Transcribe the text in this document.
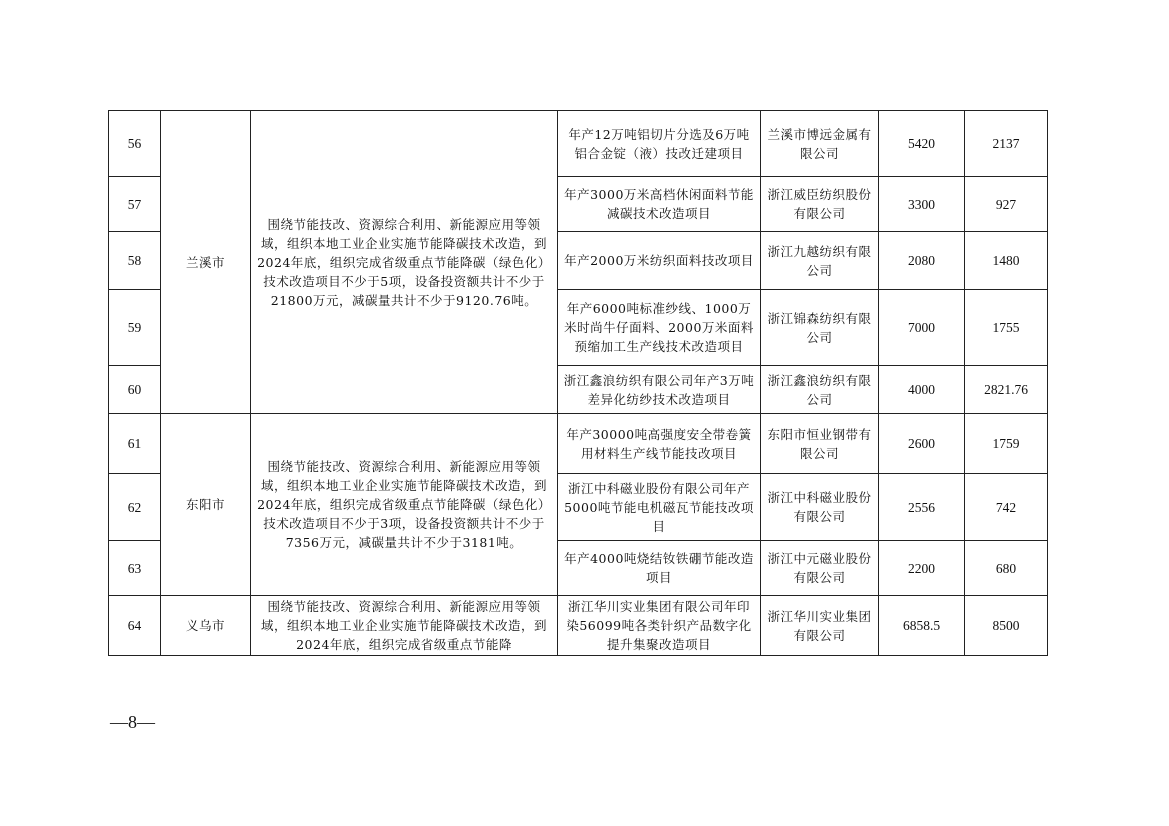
56	兰溪市	围绕节能技改、资源综合利用、新能源应用等领域，组织本地工业企业实施节能降碳技术改造，到2024年底，组织完成省级重点节能降碳（绿色化）技术改造项目不少于5项，设备投资额共计不少于21800万元，减碳量共计不少于9120.76吨。	年产12万吨铝切片分选及6万吨铝合金锭（液）技改迁建项目	兰溪市博远金属有限公司	5420	2137
57			年产3000万米高档休闲面料节能减碳技术改造项目	浙江威臣纺织股份有限公司	3300	927
58			年产2000万米纺织面料技改项目	浙江九越纺织有限公司	2080	1480
59			年产6000吨标准纱线、1000万米时尚牛仔面料、2000万米面料预缩加工生产线技术改造项目	浙江锦森纺织有限公司	7000	1755
60			浙江鑫浪纺织有限公司年产3万吨差异化纺纱技术改造项目	浙江鑫浪纺织有限公司	4000	2821.76
61	东阳市	围绕节能技改、资源综合利用、新能源应用等领域，组织本地工业企业实施节能降碳技术改造，到2024年底，组织完成省级重点节能降碳（绿色化）技术改造项目不少于3项，设备投资额共计不少于7356万元，减碳量共计不少于3181吨。	年产30000吨高强度安全带卷簧用材料生产线节能技改项目	东阳市恒业钢带有限公司	2600	1759
62			浙江中科磁业股份有限公司年产5000吨节能电机磁瓦节能技改项目	浙江中科磁业股份有限公司	2556	742
63			年产4000吨烧结钕铁硼节能改造项目	浙江中元磁业股份有限公司	2200	680
64	义乌市	围绕节能技改、资源综合利用、新能源应用等领域，组织本地工业企业实施节能降碳技术改造，到2024年底，组织完成省级重点节能降	浙江华川实业集团有限公司年印染56099吨各类针织产品数字化提升集聚改造项目	浙江华川实业集团有限公司	6858.5	8500
—8—
